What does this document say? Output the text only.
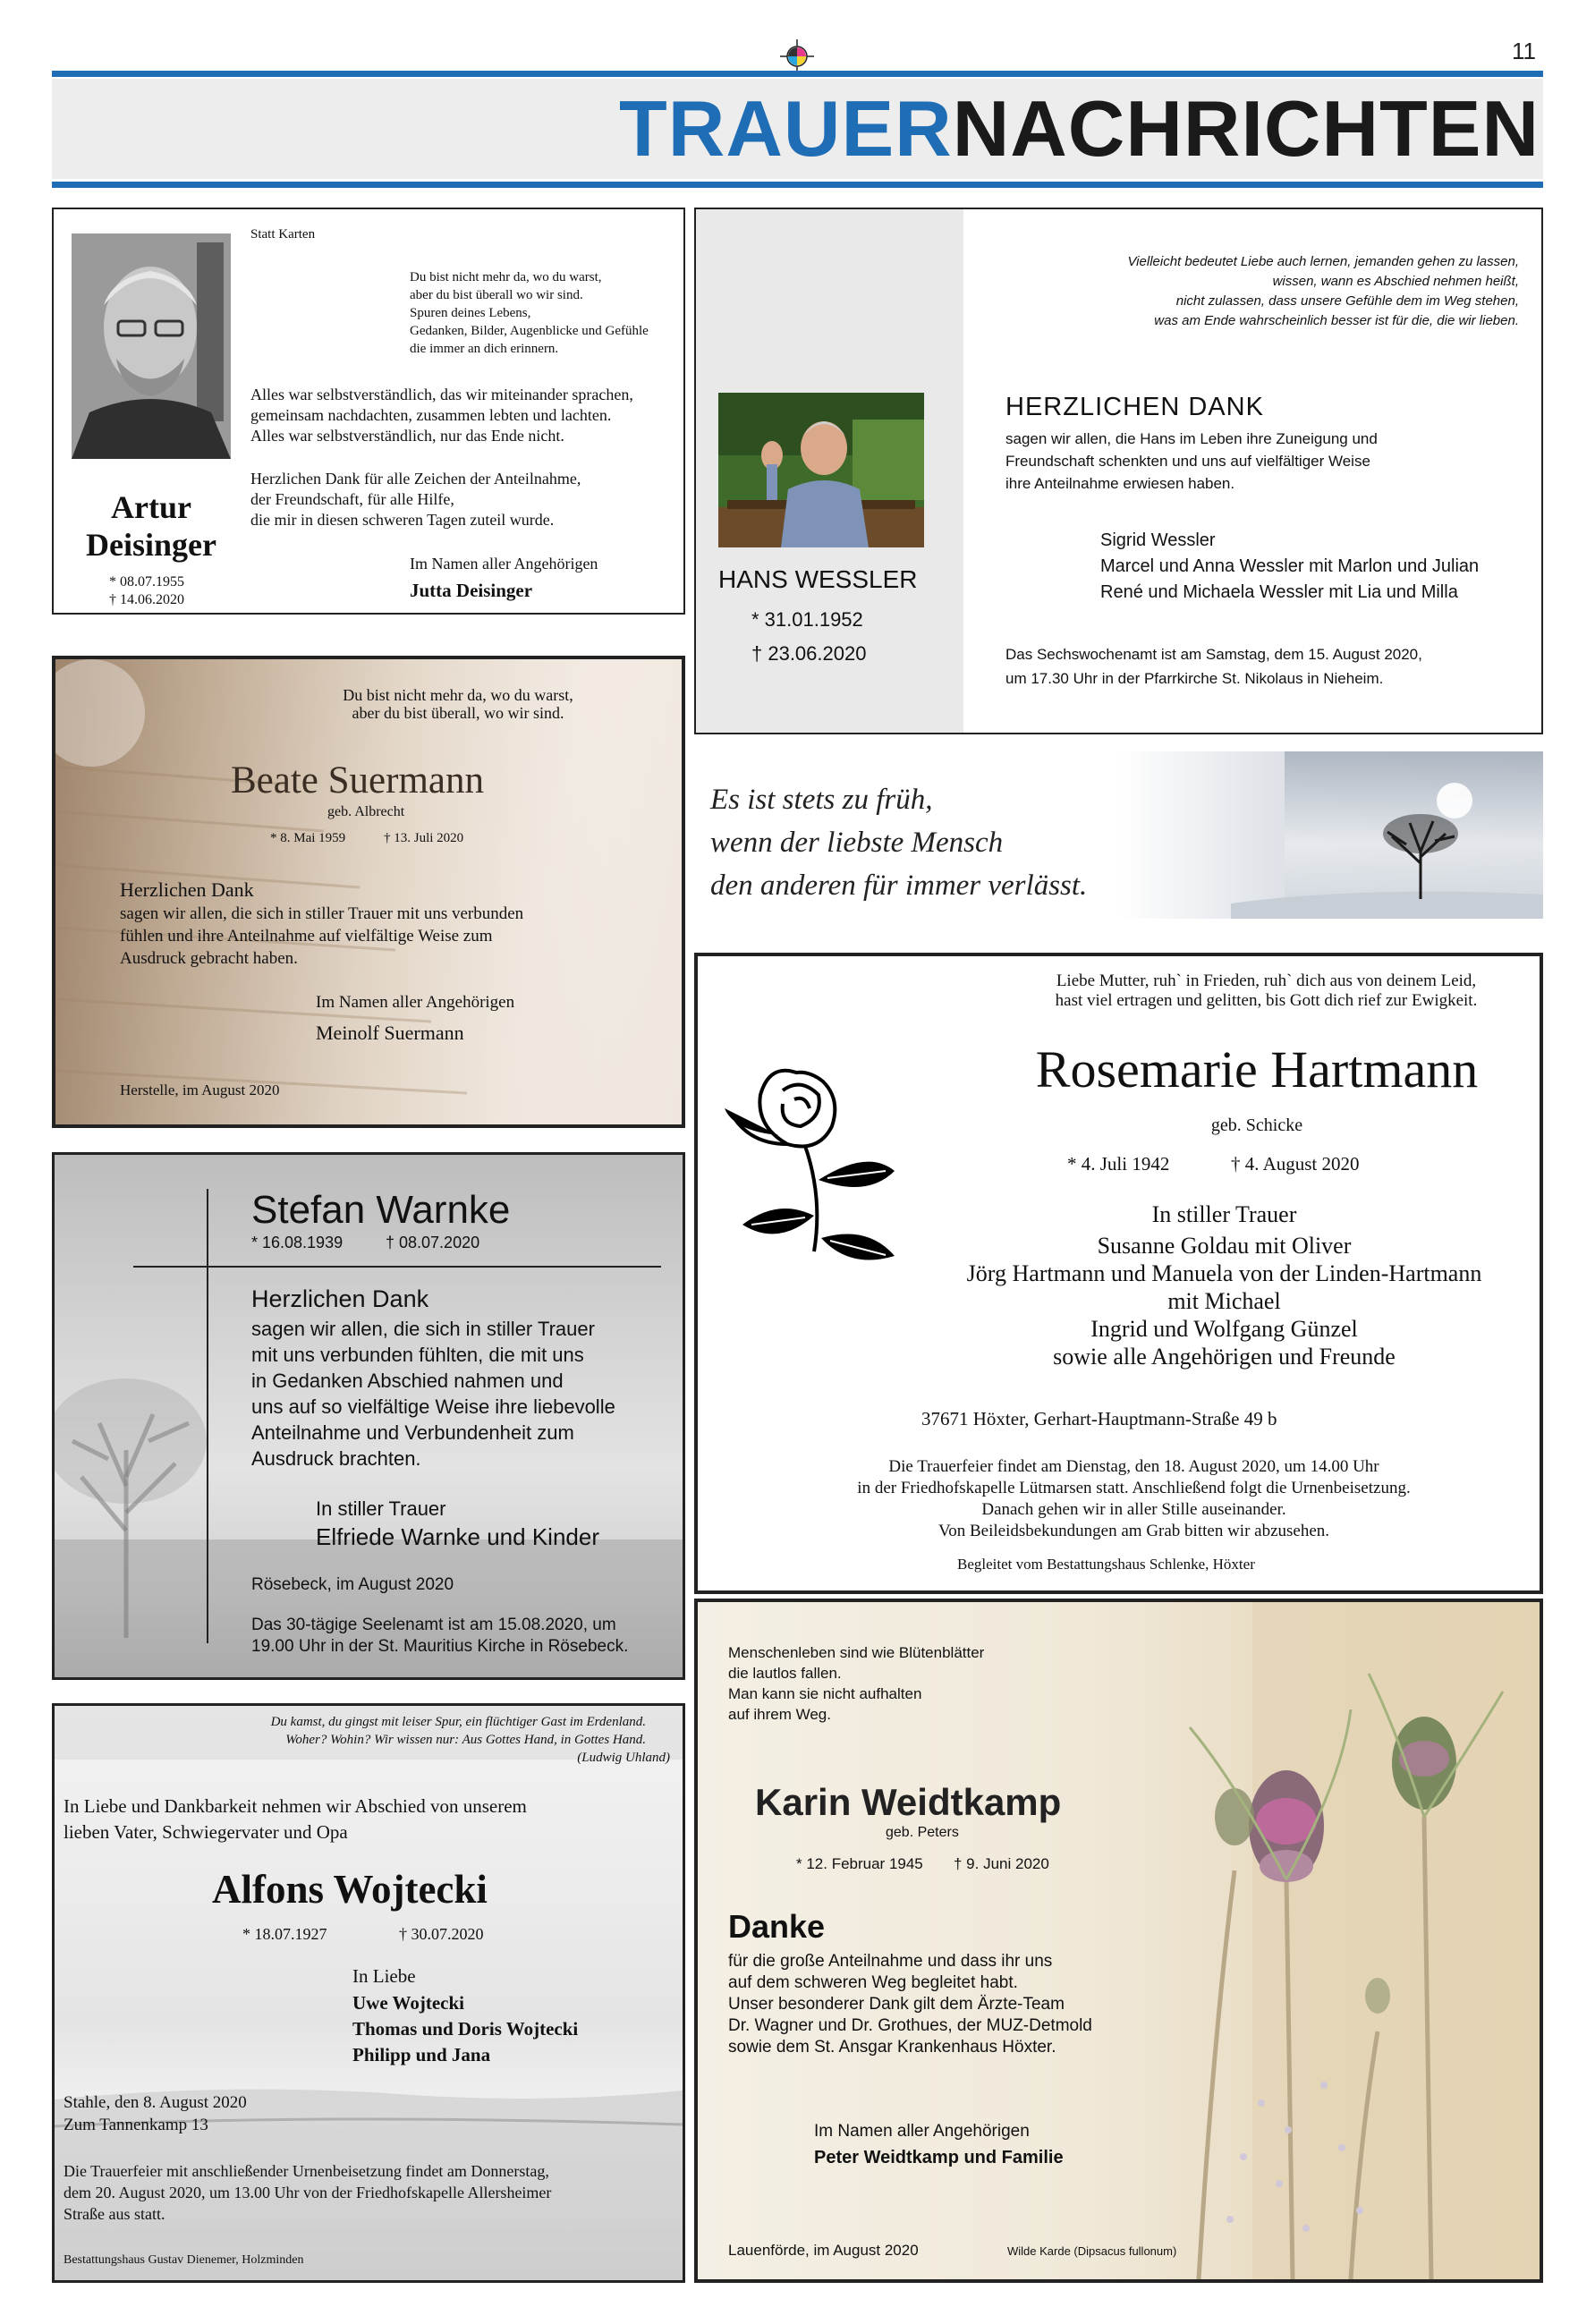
11
TRAUERNACHRICHTEN
Artur
Deisinger
* 08.07.1955
† 14.06.2020
Statt Karten
Du bist nicht mehr da, wo du warst,
aber du bist überall wo wir sind.
Spuren deines Lebens,
Gedanken, Bilder, Augenblicke und Gefühle
die immer an dich erinnern.
Alles war selbstverständlich, das wir miteinander sprachen,
gemeinsam nachdachten, zusammen lebten und lachten.
Alles war selbstverständlich, nur das Ende nicht.
Herzlichen Dank für alle Zeichen der Anteilnahme,
der Freundschaft, für alle Hilfe,
die mir in diesen schweren Tagen zuteil wurde.
Im Namen aller Angehörigen
Jutta Deisinger	HANS WESSLER
* 31.01.1952
† 23.06.2020
Vielleicht bedeutet Liebe auch lernen, jemanden gehen zu lassen,
wissen, wann es Abschied nehmen heißt,
nicht zulassen, dass unsere Gefühle dem im Weg stehen,
was am Ende wahrscheinlich besser ist für die, die wir lieben.
HERZLICHEN DANK
sagen wir allen, die Hans im Leben ihre Zuneigung und
Freundschaft schenkten und uns auf vielfältiger Weise
ihre Anteilnahme erwiesen haben.
Sigrid Wessler
Marcel und Anna Wessler mit Marlon und Julian
René und Michaela Wessler mit Lia und Milla
Das Sechswochenamt ist am Samstag, dem 15. August 2020,
um 17.30 Uhr in der Pfarrkirche St. Nikolaus in Nieheim.
Du bist nicht mehr da, wo du warst,
aber du bist überall, wo wir sind.
Beate Suermann
geb. Albrecht
* 8. Mai 1959	† 13. Juli 2020
Herzlichen Dank
sagen wir allen, die sich in stiller Trauer mit uns verbunden
fühlen und ihre Anteilnahme auf vielfältige Weise zum
Ausdruck gebracht haben.
Im Namen aller Angehörigen
Meinolf Suermann
Herstelle, im August 2020
Es ist stets zu früh,
wenn der liebste Mensch
den anderen für immer verlässt.
Liebe Mutter, ruh` in Frieden, ruh` dich aus von deinem Leid,
hast viel ertragen und gelitten, bis Gott dich rief zur Ewigkeit.
Rosemarie Hartmann
geb. Schicke
* 4. Juli 1942	† 4. August 2020
In stiller Trauer
Susanne Goldau mit Oliver
Jörg Hartmann und Manuela von der Linden-Hartmann
mit Michael
Ingrid und Wolfgang Günzel
sowie alle Angehörigen und Freunde
37671 Höxter, Gerhart-Hauptmann-Straße 49 b
Die Trauerfeier findet am Dienstag, den 18. August 2020, um 14.00 Uhr
in der Friedhofskapelle Lütmarsen statt. Anschließend folgt die Urnenbeisetzung.
Danach gehen wir in aller Stille auseinander.
Von Beileidsbekundungen am Grab bitten wir abzusehen.
Begleitet vom Bestattungshaus Schlenke, Höxter
Stefan Warnke
* 16.08.1939	† 08.07.2020
Herzlichen Dank
sagen wir allen, die sich in stiller Trauer
mit uns verbunden fühlten, die mit uns
in Gedanken Abschied nahmen und
uns auf so vielfältige Weise ihre liebevolle
Anteilnahme und Verbundenheit zum
Ausdruck brachten.
In stiller Trauer
Elfriede Warnke und Kinder
Rösebeck, im August 2020
Das 30-tägige Seelenamt ist am 15.08.2020, um
19.00 Uhr in der St. Mauritius Kirche in Rösebeck.
Du kamst, du gingst mit leiser Spur, ein flüchtiger Gast im Erdenland.
Woher? Wohin? Wir wissen nur: Aus Gottes Hand, in Gottes Hand.
(Ludwig Uhland)
In Liebe und Dankbarkeit nehmen wir Abschied von unserem
lieben Vater, Schwiegervater und Opa
Alfons Wojtecki
* 18.07.1927	† 30.07.2020
In Liebe
Uwe Wojtecki
Thomas und Doris Wojtecki
Philipp und Jana
Stahle, den 8. August 2020
Zum Tannenkamp 13
Die Trauerfeier mit anschließender Urnenbeisetzung findet am Donnerstag,
dem 20. August 2020, um 13.00 Uhr von der Friedhofskapelle Allersheimer
Straße aus statt.
Bestattungshaus Gustav Dienemer, Holzminden
Menschenleben sind wie Blütenblätter
die lautlos fallen.
Man kann sie nicht aufhalten
auf ihrem Weg.
Karin Weidtkamp
geb. Peters
* 12. Februar 1945 † 9. Juni 2020
Danke
für die große Anteilnahme und dass ihr uns
auf dem schweren Weg begleitet habt.
Unser besonderer Dank gilt dem Ärzte-Team
Dr. Wagner und Dr. Grothues, der MUZ-Detmold
sowie dem St. Ansgar Krankenhaus Höxter.
Im Namen aller Angehörigen
Peter Weidtkamp und Familie
Lauenförde, im August 2020	Wilde Karde (Dipsacus fullonum)
